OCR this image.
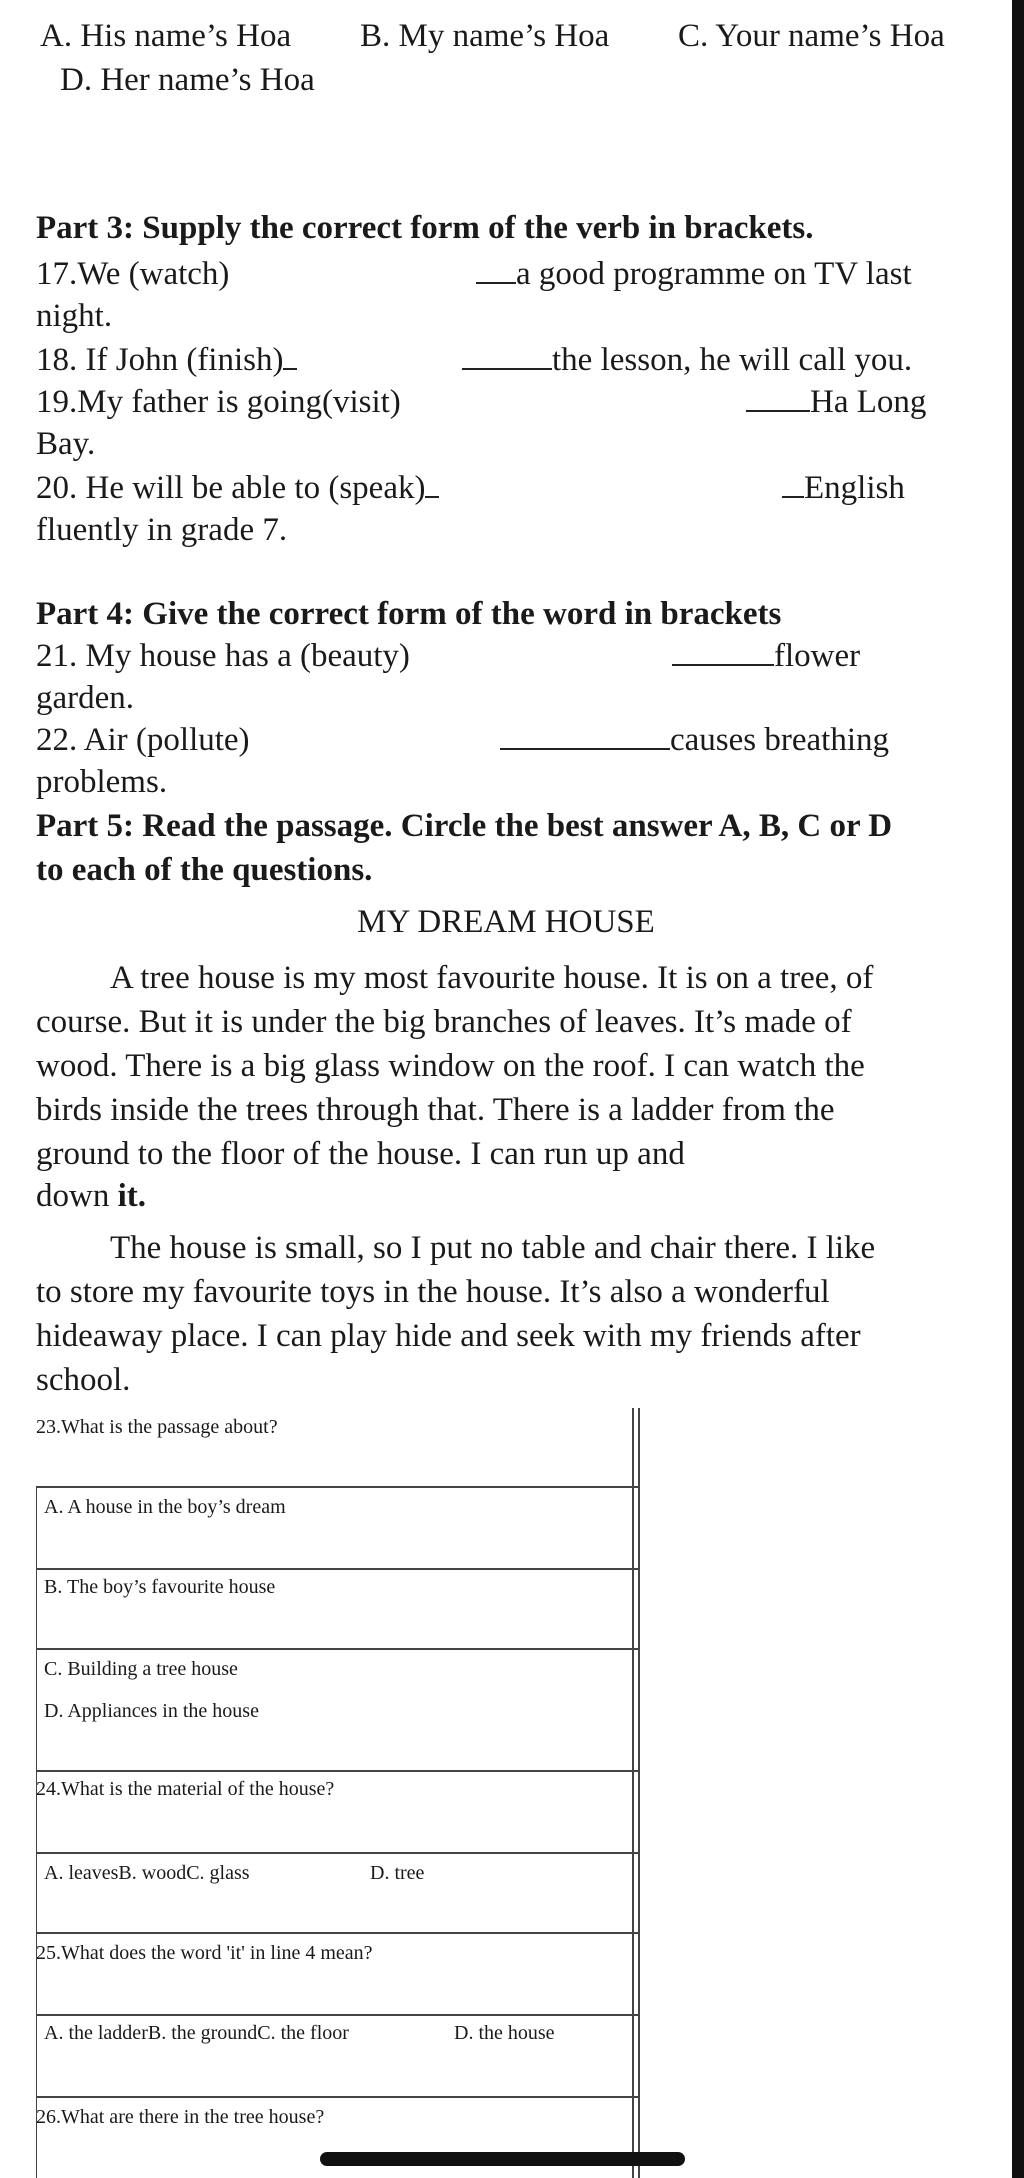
A. His name’s Hoa B. My name’s Hoa C. Your name’s Hoa
D. Her name’s Hoa
Part 3: Supply the correct form of the verb in brackets.
17.We (watch)	a good programme on TV last
night.
18. If John (finish)	the lesson, he will call you.
19.My father is going(visit)	Ha Long
Bay.
20. He will be able to (speak)	English
fluently in grade 7.
Part 4: Give the correct form of the word in brackets
21. My house has a (beauty)	flower
garden.
22. Air (pollute)	causes breathing
problems.
Part 5: Read the passage. Circle the best answer A, B, C or D
to each of the questions.
MY DREAM HOUSE
A tree house is my most favourite house. It is on a tree, of
course. But it is under the big branches of leaves. It’s made of
wood. There is a big glass window on the roof. I can watch the
birds inside the trees through that. There is a ladder from the
ground to the floor of the house. I can run up and
down it.
The house is small, so I put no table and chair there. I like
to store my favourite toys in the house. It’s also a wonderful
hideaway place. I can play hide and seek with my friends after
school.
23.What is the passage about?
A. A house in the boy’s dream
B. The boy’s favourite house
C. Building a tree house
D. Appliances in the house
24.What is the material of the house?
A. leavesB. woodC. glass	D. tree
25.What does the word 'it' in line 4 mean?
A. the ladderB. the groundC. the floor	D. the house
26.What are there in the tree house?
